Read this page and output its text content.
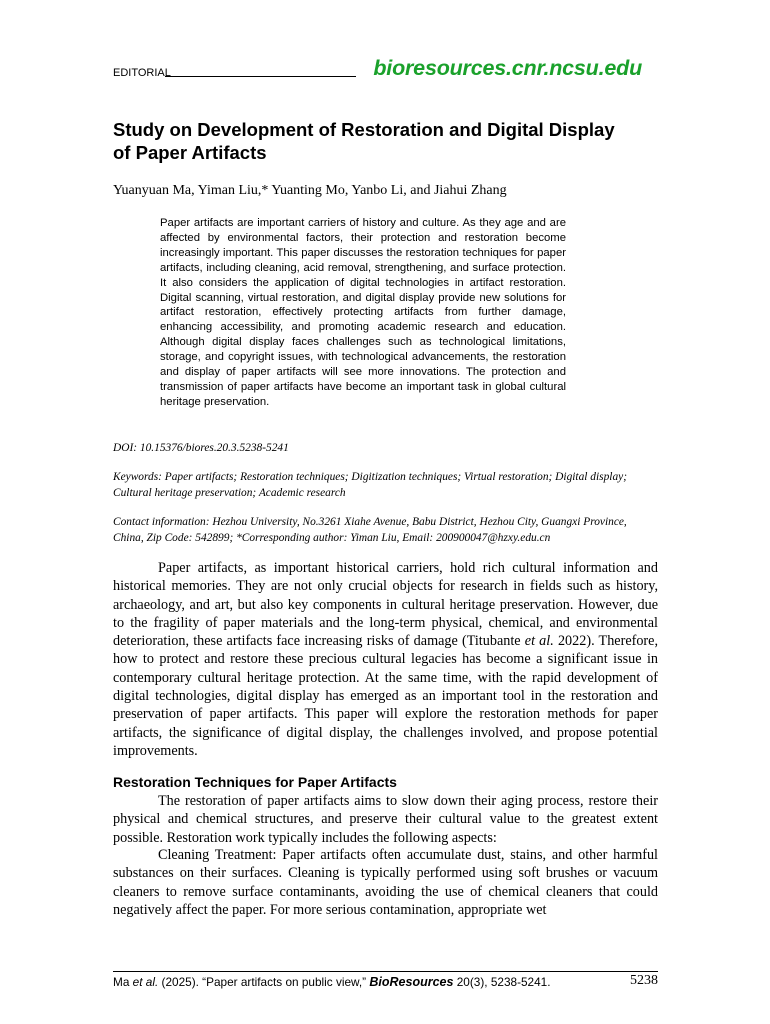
EDITORIAL	bioresources.cnr.ncsu.edu
Study on Development of Restoration and Digital Display of Paper Artifacts
Yuanyuan Ma, Yiman Liu,* Yuanting Mo, Yanbo Li, and Jiahui Zhang
Paper artifacts are important carriers of history and culture. As they age and are affected by environmental factors, their protection and restoration become increasingly important. This paper discusses the restoration techniques for paper artifacts, including cleaning, acid removal, strengthening, and surface protection. It also considers the application of digital technologies in artifact restoration. Digital scanning, virtual restoration, and digital display provide new solutions for artifact restoration, effectively protecting artifacts from further damage, enhancing accessibility, and promoting academic research and education. Although digital display faces challenges such as technological limitations, storage, and copyright issues, with technological advancements, the restoration and display of paper artifacts will see more innovations. The protection and transmission of paper artifacts have become an important task in global cultural heritage preservation.
DOI: 10.15376/biores.20.3.5238-5241
Keywords: Paper artifacts; Restoration techniques; Digitization techniques; Virtual restoration; Digital display; Cultural heritage preservation; Academic research
Contact information: Hezhou University, No.3261 Xiahe Avenue, Babu District, Hezhou City, Guangxi Province, China, Zip Code: 542899; *Corresponding author: Yiman Liu, Email: 200900047@hzxy.edu.cn
Paper artifacts, as important historical carriers, hold rich cultural information and historical memories. They are not only crucial objects for research in fields such as history, archaeology, and art, but also key components in cultural heritage preservation. However, due to the fragility of paper materials and the long-term physical, chemical, and environmental deterioration, these artifacts face increasing risks of damage (Titubante et al. 2022). Therefore, how to protect and restore these precious cultural legacies has become a significant issue in contemporary cultural heritage protection. At the same time, with the rapid development of digital technologies, digital display has emerged as an important tool in the restoration and preservation of paper artifacts. This paper will explore the restoration methods for paper artifacts, the significance of digital display, the challenges involved, and propose potential improvements.
Restoration Techniques for Paper Artifacts
The restoration of paper artifacts aims to slow down their aging process, restore their physical and chemical structures, and preserve their cultural value to the greatest extent possible. Restoration work typically includes the following aspects:
Cleaning Treatment: Paper artifacts often accumulate dust, stains, and other harmful substances on their surfaces. Cleaning is typically performed using soft brushes or vacuum cleaners to remove surface contaminants, avoiding the use of chemical cleaners that could negatively affect the paper. For more serious contamination, appropriate wet
Ma et al. (2025). “Paper artifacts on public view,” BioResources 20(3), 5238-5241.	5238
